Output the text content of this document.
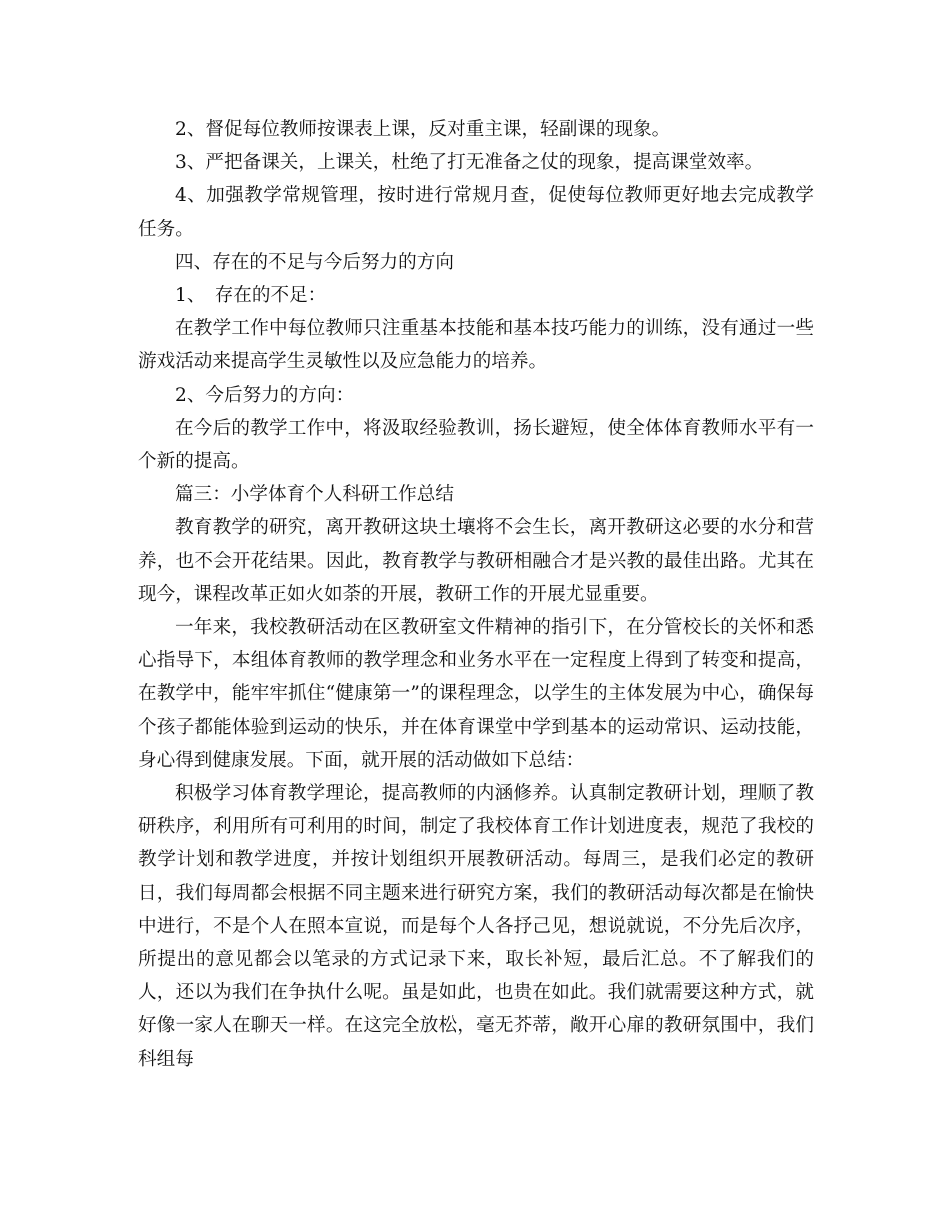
2、督促每位教师按课表上课，反对重主课，轻副课的现象。

3、严把备课关，上课关，杜绝了打无准备之仗的现象，提高课堂效率。

4、加强教学常规管理，按时进行常规月查，促使每位教师更好地去完成教学任务。

四、存在的不足与今后努力的方向

1、　存在的不足：

在教学工作中每位教师只注重基本技能和基本技巧能力的训练，没有通过一些游戏活动来提高学生灵敏性以及应急能力的培养。

2、今后努力的方向：

在今后的教学工作中，将汲取经验教训，扬长避短，使全体体育教师水平有一个新的提高。

篇三：小学体育个人科研工作总结

教育教学的研究，离开教研这块土壤将不会生长，离开教研这必要的水分和营养，也不会开花结果。因此，教育教学与教研相融合才是兴教的最佳出路。尤其在现今，课程改革正如火如荼的开展，教研工作的开展尤显重要。

一年来，我校教研活动在区教研室文件精神的指引下，在分管校长的关怀和悉心指导下，本组体育教师的教学理念和业务水平在一定程度上得到了转变和提高，在教学中，能牢牢抓住“健康第一”的课程理念，以学生的主体发展为中心，确保每个孩子都能体验到运动的快乐，并在体育课堂中学到基本的运动常识、运动技能，身心得到健康发展。下面，就开展的活动做如下总结：

积极学习体育教学理论，提高教师的内涵修养。认真制定教研计划，理顺了教研秩序，利用所有可利用的时间，制定了我校体育工作计划进度表，规范了我校的教学计划和教学进度，并按计划组织开展教研活动。每周三，是我们必定的教研日，我们每周都会根据不同主题来进行研究方案，我们的教研活动每次都是在愉快中进行，不是个人在照本宣说，而是每个人各抒己见，想说就说，不分先后次序，所提出的意见都会以笔录的方式记录下来，取长补短，最后汇总。不了解我们的人，还以为我们在争执什么呢。虽是如此，也贵在如此。我们就需要这种方式，就好像一家人在聊天一样。在这完全放松，毫无芥蒂，敞开心扉的教研氛围中，我们科组每
